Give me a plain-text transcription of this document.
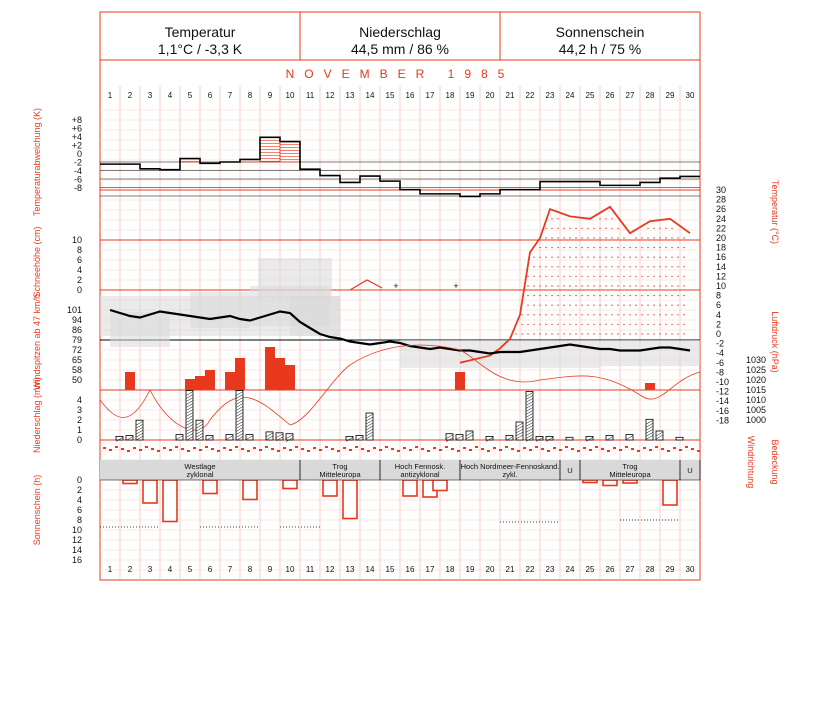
Temperatur
1,1°C / -3,3 K
Niederschlag
44,5 mm / 86 %
Sonnenschein
44,2 h / 75 %
NOVEMBER 1985
1 2 3 4 5 6 7 8 9 10 11 12 13 14 15 16 17 18 19 20 21 22 23 24 25 26 27 28 29 30
1 2 3 4 5 6 7 8 9 10 11 12 13 14 15 16 17 18 19 20 21 22 23 24 25 26 27 28 29 30
+8
+6
+4
+2
0
-2
-4
-6
-8
10
8
6
4
2
0
101
94
86
79
72
65
58
50
4
3
2
1
0
0
2
4
6
8
10
12
14
16
30
28
26
24
22
20
18
16
14
12
10
8
6
4
2
0
-2
-4
-6
-8
-10
-12
-14
-16
-18
1030
1025
1020
1015
1010
1005
1000
+	+
Westlage
zyklonal
Trog
Mitteleuropa
Hoch Fennosk.
antizyklonal
Hoch Nordmeer-Fennoskand.
zykl.	U	Trog
Mitteleuropa	U
Temperaturabweichung (K)
Schneehöhe (cm)
Windspitzen ab 47 km/h
Niederschlag (mm)
Sonnenschein (h)
Temperatur (°C)
Luftdruck (hPa)
Windrichtung Bedeckung
